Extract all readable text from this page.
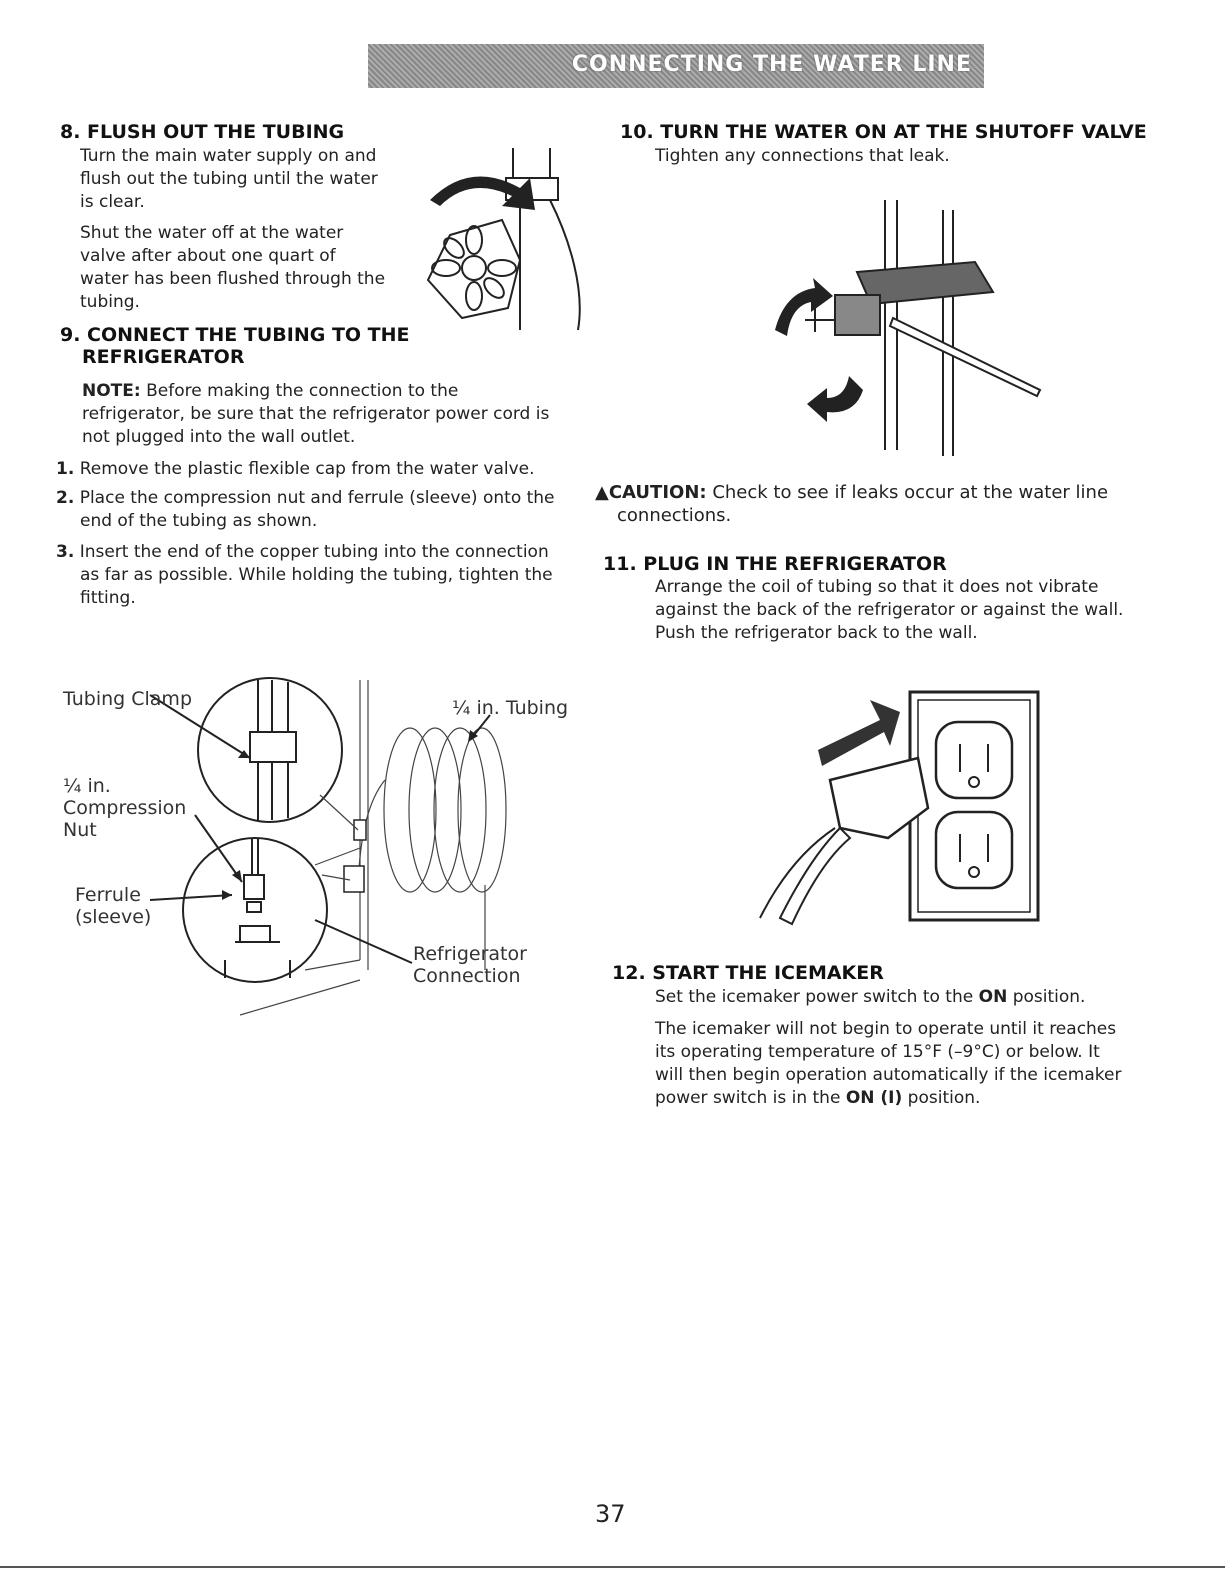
CONNECTING THE WATER LINE
8. FLUSH OUT THE TUBING
Turn the main water supply on and
flush out the tubing until the water
is clear.
Shut the water off at the water
valve after about one quart of
water has been flushed through the
tubing.
9. CONNECT THE TUBING TO THE
REFRIGERATOR
NOTE: Before making the connection to the
refrigerator, be sure that the refrigerator power cord is
not plugged into the wall outlet.
1. Remove the plastic flexible cap from the water valve.
2. Place the compression nut and ferrule (sleeve) onto the
end of the tubing as shown.
3. Insert the end of the copper tubing into the connection
as far as possible. While holding the tubing, tighten the
fitting.
Tubing Clamp
¼ in.
Compression
Nut
Ferrule
(sleeve)
¼ in. Tubing
Refrigerator
Connection
10. TURN THE WATER ON AT THE SHUTOFF VALVE
Tighten any connections that leak.
▲CAUTION: Check to see if leaks occur at the water line
connections.
11. PLUG IN THE REFRIGERATOR
Arrange the coil of tubing so that it does not vibrate
against the back of the refrigerator or against the wall.
Push the refrigerator back to the wall.
12. START THE ICEMAKER
Set the icemaker power switch to the ON position.
The icemaker will not begin to operate until it reaches
its operating temperature of 15°F (–9°C) or below. It
will then begin operation automatically if the icemaker
power switch is in the ON (I) position.
37
